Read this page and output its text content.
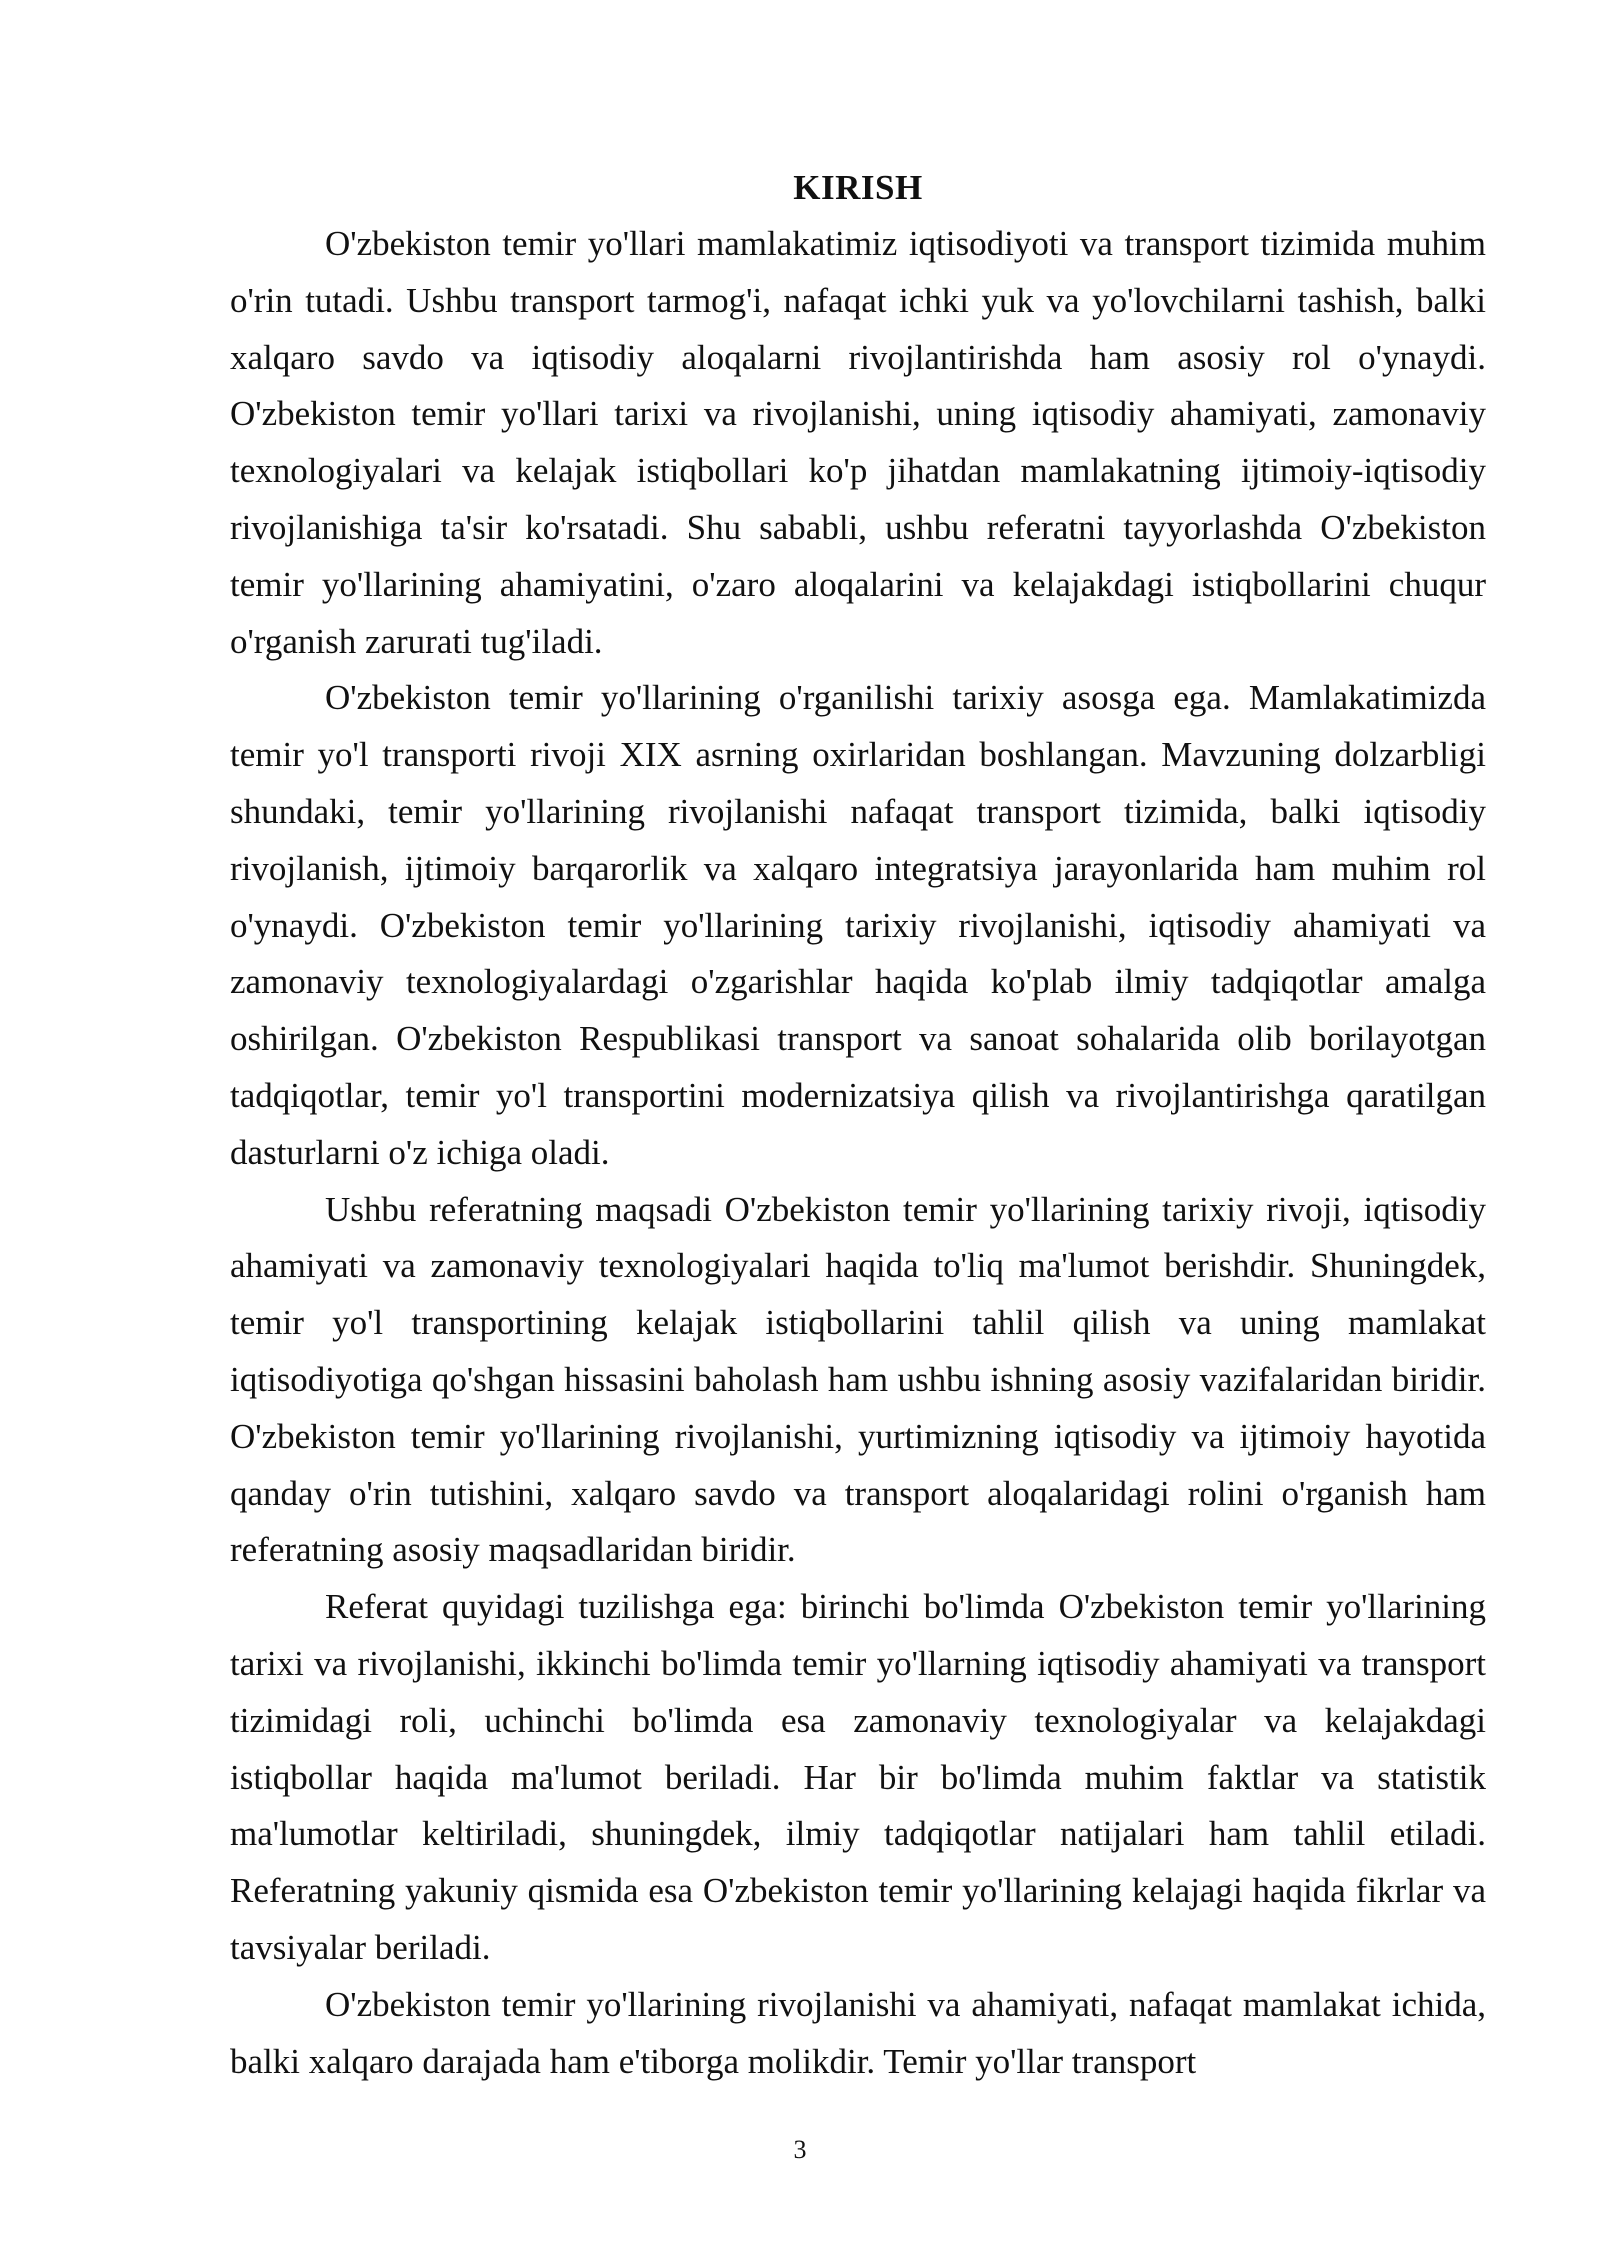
KIRISH

O'zbekiston temir yo'llari mamlakatimiz iqtisodiyoti va transport tizimida muhim o'rin tutadi. Ushbu transport tarmog'i, nafaqat ichki yuk va yo'lovchilarni tashish, balki xalqaro savdo va iqtisodiy aloqalarni rivojlantirishda ham asosiy rol o'ynaydi. O'zbekiston temir yo'llari tarixi va rivojlanishi, uning iqtisodiy ahamiyati, zamonaviy texnologiyalari va kelajak istiqbollari ko'p jihatdan mamlakatning ijtimoiy-iqtisodiy rivojlanishiga ta'sir ko'rsatadi. Shu sababli, ushbu referatni tayyorlashda O'zbekiston temir yo'llarining ahamiyatini, o'zaro aloqalarini va kelajakdagi istiqbollarini chuqur o'rganish zarurati tug'iladi.

O'zbekiston temir yo'llarining o'rganilishi tarixiy asosga ega. Mamlakatimizda temir yo'l transporti rivoji XIX asrning oxirlaridan boshlangan. Mavzuning dolzarbligi shundaki, temir yo'llarining rivojlanishi nafaqat transport tizimida, balki iqtisodiy rivojlanish, ijtimoiy barqarorlik va xalqaro integratsiya jarayonlarida ham muhim rol o'ynaydi. O'zbekiston temir yo'llarining tarixiy rivojlanishi, iqtisodiy ahamiyati va zamonaviy texnologiyalardagi o'zgarishlar haqida ko'plab ilmiy tadqiqotlar amalga oshirilgan. O'zbekiston Respublikasi transport va sanoat sohalarida olib borilayotgan tadqiqotlar, temir yo'l transportini modernizatsiya qilish va rivojlantirishga qaratilgan dasturlarni o'z ichiga oladi.

Ushbu referatning maqsadi O'zbekiston temir yo'llarining tarixiy rivoji, iqtisodiy ahamiyati va zamonaviy texnologiyalari haqida to'liq ma'lumot berishdir. Shuningdek, temir yo'l transportining kelajak istiqbollarini tahlil qilish va uning mamlakat iqtisodiyotiga qo'shgan hissasini baholash ham ushbu ishning asosiy vazifalaridan biridir. O'zbekiston temir yo'llarining rivojlanishi, yurtimizning iqtisodiy va ijtimoiy hayotida qanday o'rin tutishini, xalqaro savdo va transport aloqalaridagi rolini o'rganish ham referatning asosiy maqsadlaridan biridir.

Referat quyidagi tuzilishga ega: birinchi bo'limda O'zbekiston temir yo'llarining tarixi va rivojlanishi, ikkinchi bo'limda temir yo'llarning iqtisodiy ahamiyati va transport tizimidagi roli, uchinchi bo'limda esa zamonaviy texnologiyalar va kelajakdagi istiqbollar haqida ma'lumot beriladi. Har bir bo'limda muhim faktlar va statistik ma'lumotlar keltiriladi, shuningdek, ilmiy tadqiqotlar natijalari ham tahlil etiladi. Referatning yakuniy qismida esa O'zbekiston temir yo'llarining kelajagi haqida fikrlar va tavsiyalar beriladi.

O'zbekiston temir yo'llarining rivojlanishi va ahamiyati, nafaqat mamlakat ichida, balki xalqaro darajada ham e'tiborga molikdir. Temir yo'llar transport

3
